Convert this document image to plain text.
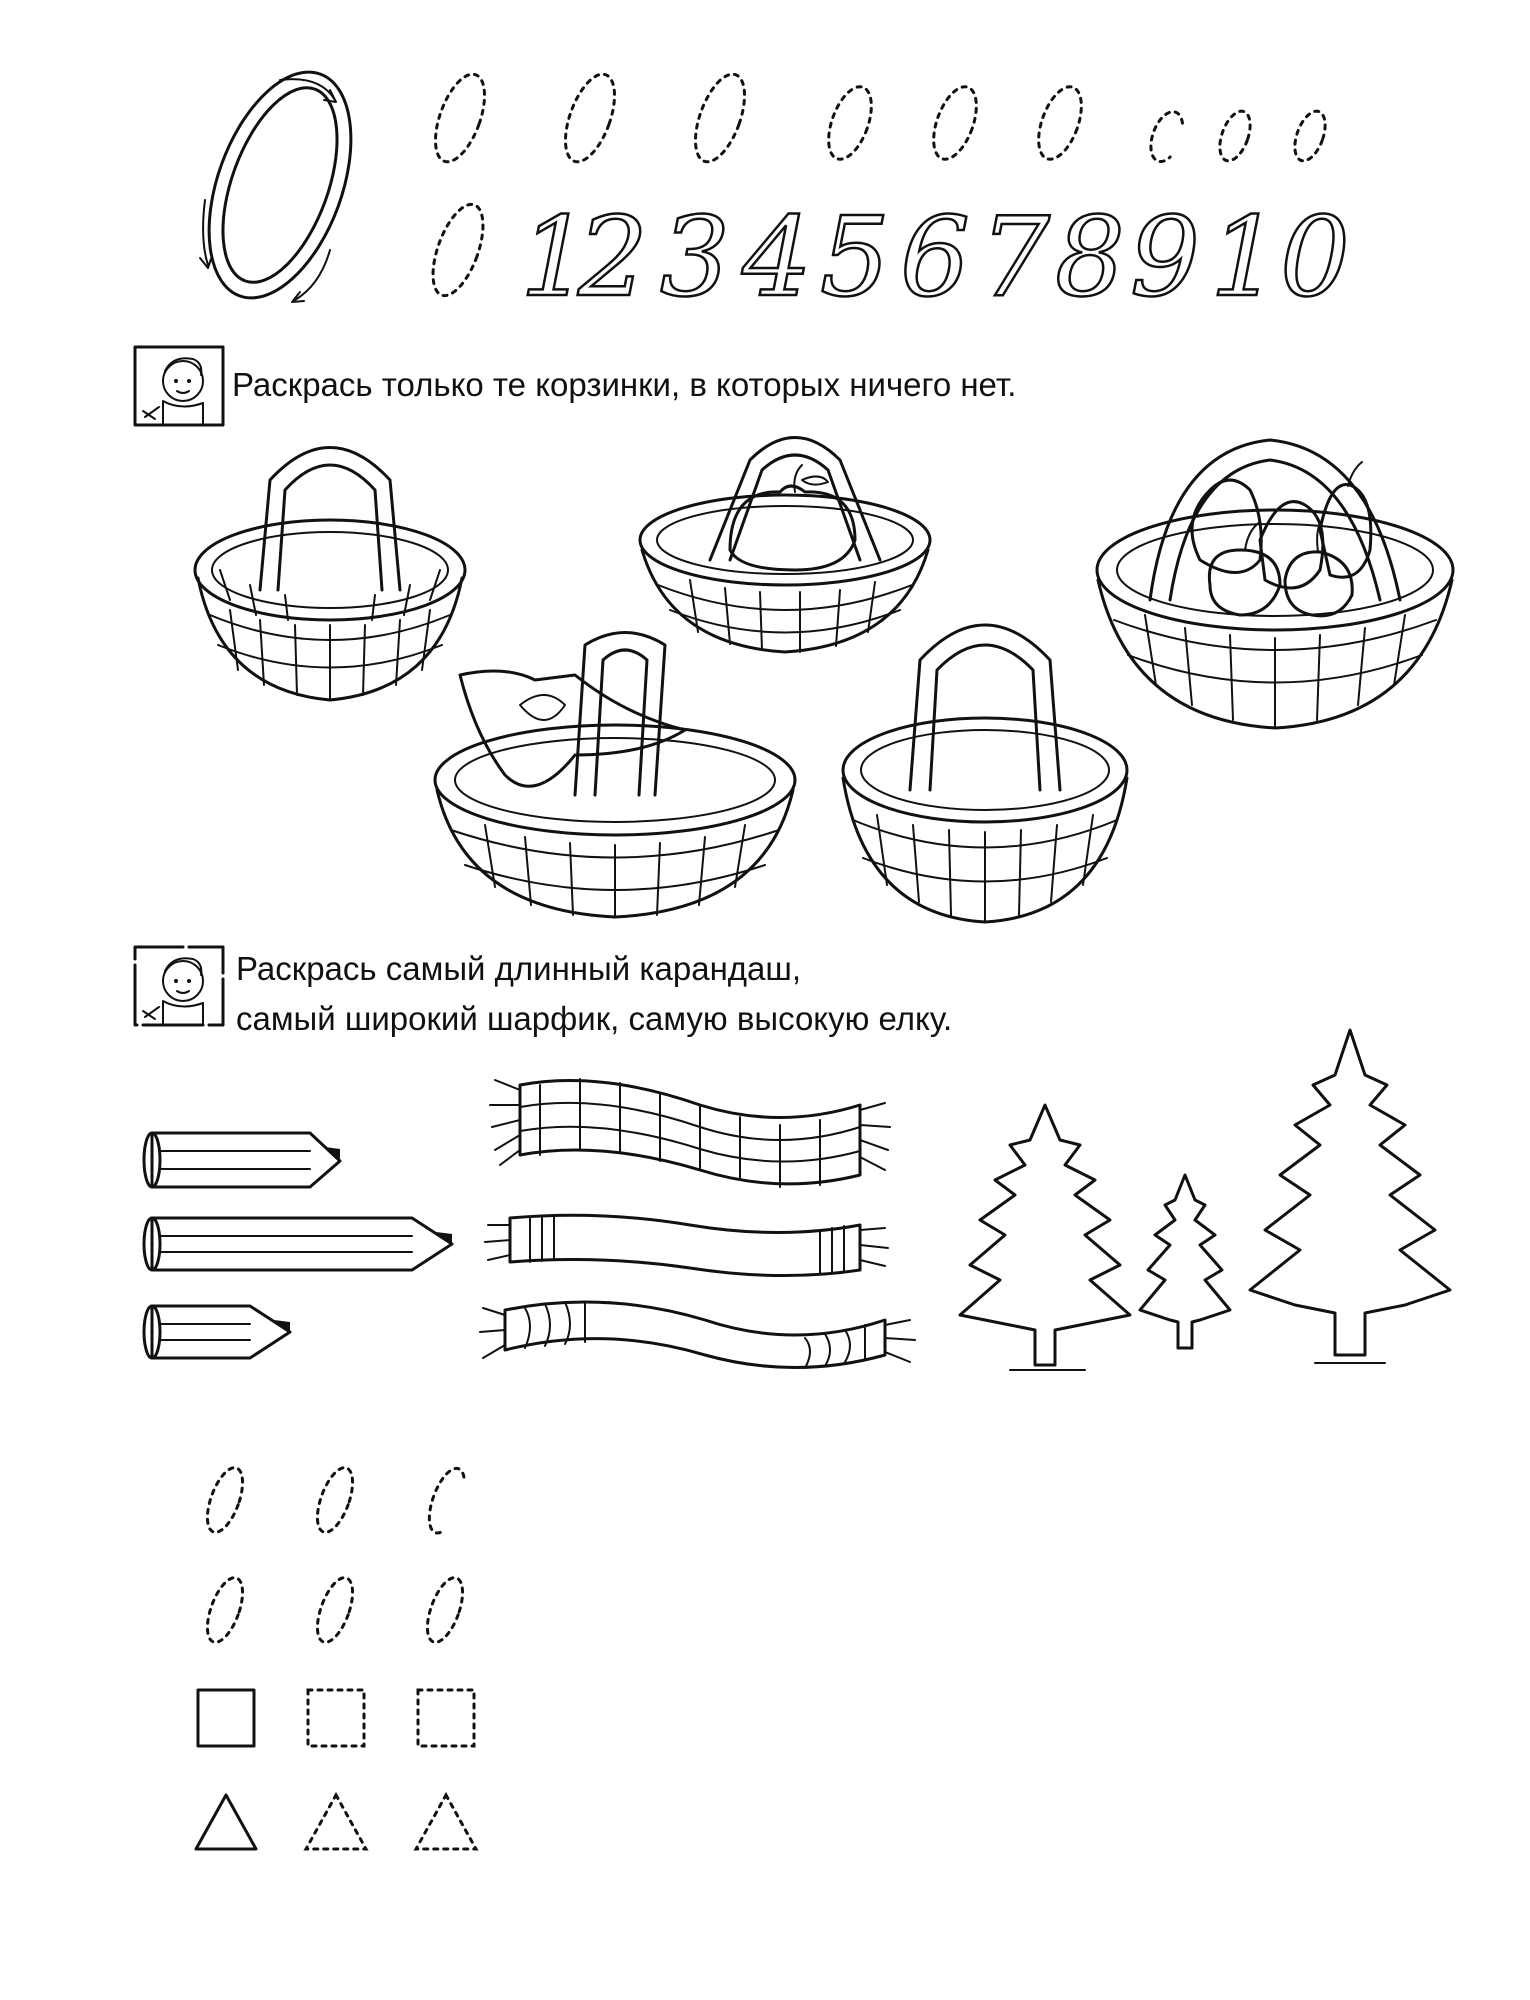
1
2 3 4 5 6 7 8 9 10
Раскрась только те корзинки, в которых ничего нет.
Раскрась самый длинный карандаш,
самый широкий шарфик, самую высокую елку.
